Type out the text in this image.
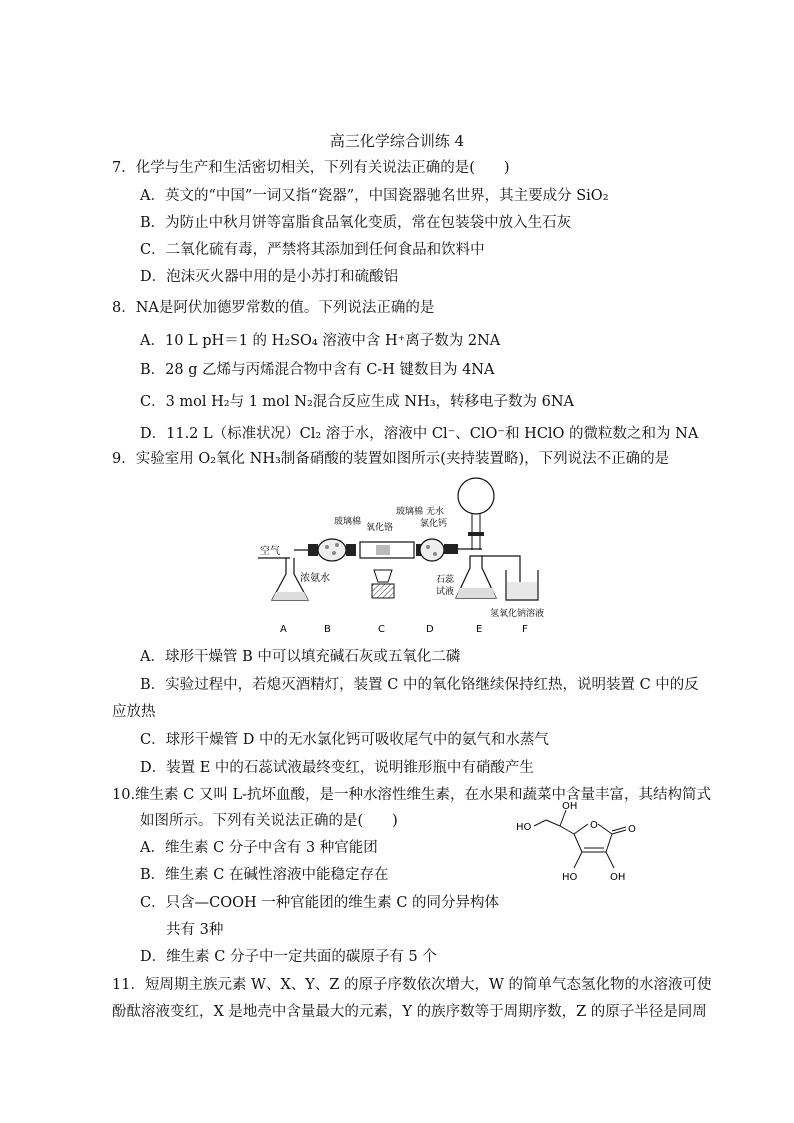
高三化学综合训练 4
7．化学与生产和生活密切相关，下列有关说法正确的是(　　)
A．英文的“中国”一词又指“瓷器”，中国瓷器驰名世界，其主要成分 SiO₂
B．为防止中秋月饼等富脂食品氧化变质，常在包装袋中放入生石灰
C．二氧化硫有毒，严禁将其添加到任何食品和饮料中
D．泡沫灭火器中用的是小苏打和硫酸铝
8．NA是阿伏加德罗常数的值。下列说法正确的是
A．10 L pH＝1 的 H₂SO₄ 溶液中含 H⁺离子数为 2NA
B．28 g 乙烯与丙烯混合物中含有 C-H 键数目为 4NA
C．3 mol H₂与 1 mol N₂混合反应生成 NH₃，转移电子数为 6NA
D．11.2 L（标准状况）Cl₂ 溶于水，溶液中 Cl⁻、ClO⁻和 HClO 的微粒数之和为 NA
9．实验室用 O₂氧化 NH₃制备硝酸的装置如图所示(夹持装置略)，下列说法不正确的是
空气
浓氨水
玻璃棉
氧化铬
玻璃棉 无水
氯化钙
石蕊
试液
氢氧化钠溶液
A	B	C	D	E	F
A．球形干燥管 B 中可以填充碱石灰或五氧化二磷
B．实验过程中，若熄灭酒精灯，装置 C 中的氧化铬继续保持红热，说明装置 C 中的反
应放热
C．球形干燥管 D 中的无水氯化钙可吸收尾气中的氨气和水蒸气
D．装置 E 中的石蕊试液最终变红，说明锥形瓶中有硝酸产生
10.维生素 C 又叫 L-抗坏血酸，是一种水溶性维生素，在水果和蔬菜中含量丰富，其结构简式
如图所示。下列有关说法正确的是(　　)
A．维生素 C 分子中含有 3 种官能团
B．维生素 C 在碱性溶液中能稳定存在
C．只含—COOH 一种官能团的维生素 C 的同分异构体
共有 3种
D．维生素 C 分子中一定共面的碳原子有 5 个
HO
OH
O	O
HO	OH
11．短周期主族元素 W、X、Y、Z 的原子序数依次增大，W 的简单气态氢化物的水溶液可使
酚酞溶液变红，X 是地壳中含量最大的元素，Y 的族序数等于周期序数，Z 的原子半径是同周
